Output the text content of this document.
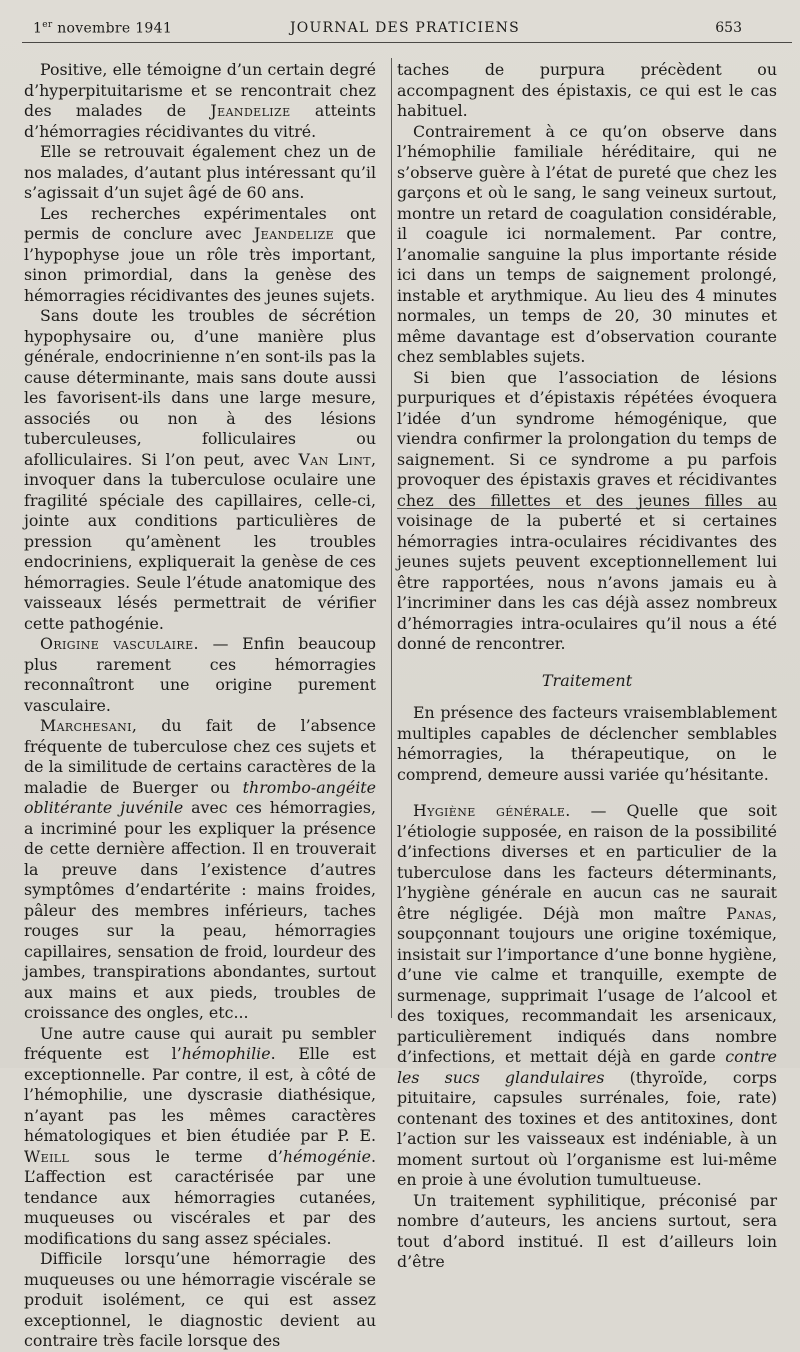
1er novembre 1941	JOURNAL DES PRATICIENS	653

Positive, elle témoigne d’un certain degré d’hyperpituitarisme et se rencontrait chez des malades de Jeandelize atteints d’hémorragies récidivantes du vitré.

Elle se retrouvait également chez un de nos malades, d’autant plus intéressant qu’il s’agissait d’un sujet âgé de 60 ans.

Les recherches expérimentales ont permis de conclure avec Jeandelize que l’hypophyse joue un rôle très important, sinon primordial, dans la genèse des hémorragies récidivantes des jeunes sujets.

Sans doute les troubles de sécrétion hypophysaire ou, d’une manière plus générale, endocrinienne n’en sont-ils pas la cause déterminante, mais sans doute aussi les favorisent-ils dans une large mesure, associés ou non à des lésions tuberculeuses, folliculaires ou afolliculaires. Si l’on peut, avec Van Lint, invoquer dans la tuberculose oculaire une fragilité spéciale des capillaires, celle-ci, jointe aux conditions particulières de pression qu’amènent les troubles endocriniens, expliquerait la genèse de ces hémorragies. Seule l’étude anatomique des vaisseaux lésés permettrait de vérifier cette pathogénie.

Origine vasculaire. — Enfin beaucoup plus rarement ces hémorragies reconnaîtront une origine purement vasculaire.

Marchesani, du fait de l’absence fréquente de tuberculose chez ces sujets et de la similitude de certains caractères de la maladie de Buerger ou thrombo-angéite oblitérante juvénile avec ces hémorragies, a incriminé pour les expliquer la présence de cette dernière affection. Il en trouverait la preuve dans l’existence d’autres symptômes d’endartérite : mains froides, pâleur des membres inférieurs, taches rouges sur la peau, hémorragies capillaires, sensation de froid, lourdeur des jambes, transpirations abondantes, surtout aux mains et aux pieds, troubles de croissance des ongles, etc...

Une autre cause qui aurait pu sembler fréquente est l’hémophilie. Elle est exceptionnelle. Par contre, il est, à côté de l’hémophilie, une dyscrasie diathésique, n’ayant pas les mêmes caractères hématologiques et bien étudiée par P. E. Weill sous le terme d’hémogénie. L’affection est caractérisée par une tendance aux hémorragies cutanées, muqueuses ou viscérales et par des modifications du sang assez spéciales.

Difficile lorsqu’une hémorragie des muqueuses ou une hémorragie viscérale se produit isolément, ce qui est assez exceptionnel, le diagnostic devient au contraire très facile lorsque des

taches de purpura précèdent ou accompagnent des épistaxis, ce qui est le cas habituel.

Contrairement à ce qu’on observe dans l’hémophilie familiale héréditaire, qui ne s’observe guère à l’état de pureté que chez les garçons et où le sang, le sang veineux surtout, montre un retard de coagulation considérable, il coagule ici normalement. Par contre, l’anomalie sanguine la plus importante réside ici dans un temps de saignement prolongé, instable et arythmique. Au lieu des 4 minutes normales, un temps de 20, 30 minutes et même davantage est d’observation courante chez semblables sujets.

Si bien que l’association de lésions purpuriques et d’épistaxis répétées évoquera l’idée d’un syndrome hémogénique, que viendra confirmer la prolongation du temps de saignement. Si ce syndrome a pu parfois provoquer des épistaxis graves et récidivantes chez des fillettes et des jeunes filles au voisinage de la puberté et si certaines hémorragies intra-oculaires récidivantes des jeunes sujets peuvent exceptionnellement lui être rapportées, nous n’avons jamais eu à l’incriminer dans les cas déjà assez nombreux d’hémorragies intra-oculaires qu’il nous a été donné de rencontrer.

Traitement

En présence des facteurs vraisemblablement multiples capables de déclencher semblables hémorragies, la thérapeutique, on le comprend, demeure aussi variée qu’hésitante.

Hygiène générale. — Quelle que soit l’étiologie supposée, en raison de la possibilité d’infections diverses et en particulier de la tuberculose dans les facteurs déterminants, l’hygiène générale en aucun cas ne saurait être négligée. Déjà mon maître Panas, soupçonnant toujours une origine toxémique, insistait sur l’importance d’une bonne hygiène, d’une vie calme et tranquille, exempte de surmenage, supprimait l’usage de l’alcool et des toxiques, recommandait les arsenicaux, particulièrement indiqués dans nombre d’infections, et mettait déjà en garde contre les sucs glandulaires (thyroïde, corps pituitaire, capsules surrénales, foie, rate) contenant des toxines et des antitoxines, dont l’action sur les vaisseaux est indéniable, à un moment surtout où l’organisme est lui-même en proie à une évolution tumultueuse.

Un traitement syphilitique, préconisé par nombre d’auteurs, les anciens surtout, sera tout d’abord institué. Il est d’ailleurs loin d’être
